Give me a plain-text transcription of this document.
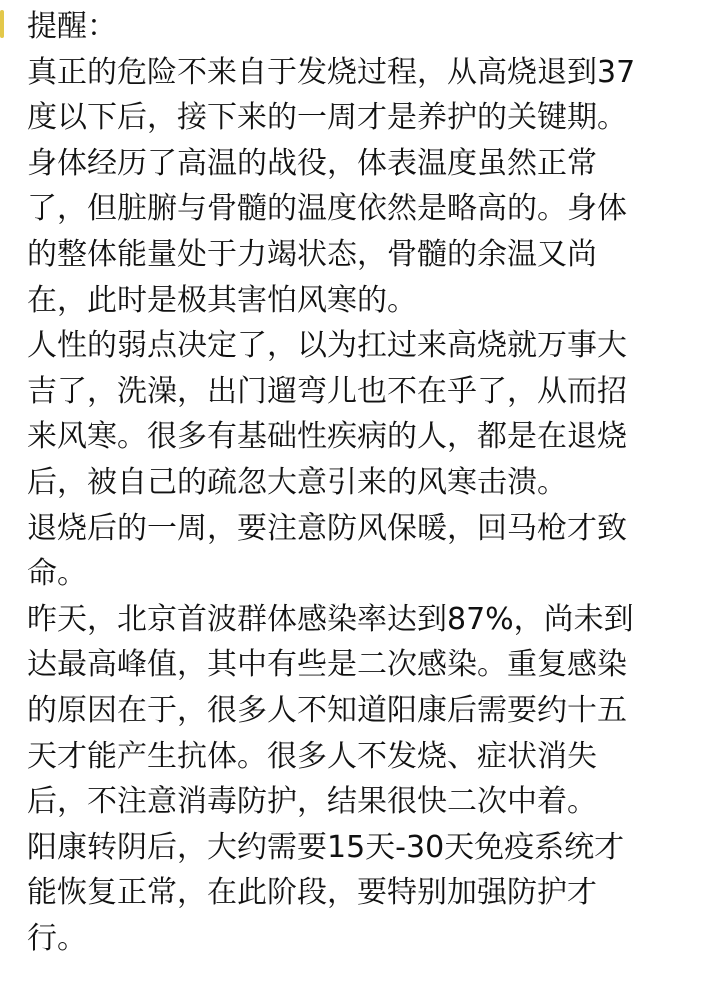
提醒：
真正的危险不来自于发烧过程，从高烧退到37
度以下后，接下来的一周才是养护的关键期。
身体经历了高温的战役，体表温度虽然正常
了，但脏腑与骨髓的温度依然是略高的。身体
的整体能量处于力竭状态，骨髓的余温又尚
在，此时是极其害怕风寒的。
人性的弱点决定了，以为扛过来高烧就万事大
吉了，洗澡，出门遛弯儿也不在乎了，从而招
来风寒。很多有基础性疾病的人，都是在退烧
后，被自己的疏忽大意引来的风寒击溃。
退烧后的一周，要注意防风保暖，回马枪才致
命。
昨天，北京首波群体感染率达到87%，尚未到
达最高峰值，其中有些是二次感染。重复感染
的原因在于，很多人不知道阳康后需要约十五
天才能产生抗体。很多人不发烧、症状消失
后，不注意消毒防护，结果很快二次中着。
阳康转阴后，大约需要15天-30天免疫系统才
能恢复正常，在此阶段，要特别加强防护才
行。
